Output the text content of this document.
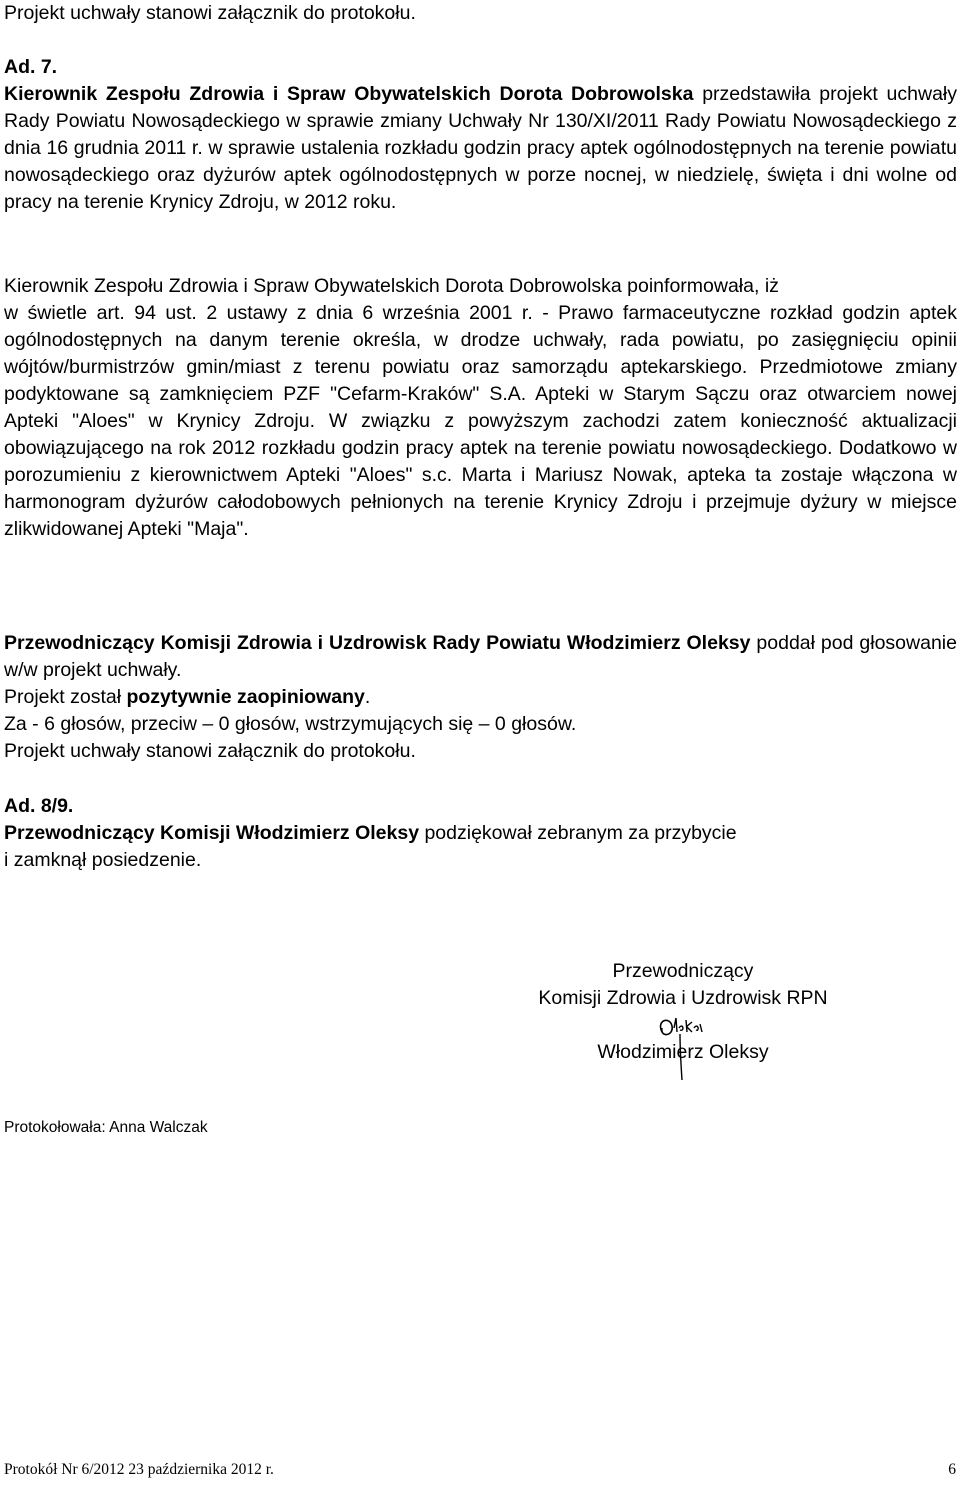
Projekt uchwały stanowi załącznik do protokołu.

Ad. 7.

Kierownik Zespołu Zdrowia i Spraw Obywatelskich Dorota Dobrowolska przedstawiła projekt uchwały Rady Powiatu Nowosądeckiego w sprawie zmiany Uchwały Nr 130/XI/2011 Rady Powiatu Nowosądeckiego z dnia 16 grudnia 2011 r. w sprawie ustalenia rozkładu godzin pracy aptek ogólnodostępnych na terenie powiatu nowosądeckiego oraz dyżurów aptek ogólnodostępnych w porze nocnej, w niedzielę, święta i dni wolne od pracy na terenie Krynicy Zdroju, w 2012 roku.

Kierownik Zespołu Zdrowia i Spraw Obywatelskich Dorota Dobrowolska poinformowała, iż

w świetle art. 94 ust. 2 ustawy z dnia 6 września 2001 r. - Prawo farmaceutyczne rozkład godzin aptek ogólnodostępnych na danym terenie określa, w drodze uchwały, rada powiatu, po zasięgnięciu opinii wójtów/burmistrzów gmin/miast z terenu powiatu oraz samorządu aptekarskiego. Przedmiotowe zmiany podyktowane są zamknięciem PZF "Cefarm-Kraków" S.A. Apteki w Starym Sączu oraz otwarciem nowej Apteki "Aloes" w Krynicy Zdroju. W związku z powyższym zachodzi zatem konieczność aktualizacji obowiązującego na rok 2012 rozkładu godzin pracy aptek na terenie powiatu nowosądeckiego. Dodatkowo w porozumieniu z kierownictwem Apteki "Aloes" s.c. Marta i Mariusz Nowak, apteka ta zostaje włączona w harmonogram dyżurów całodobowych pełnionych na terenie Krynicy Zdroju i przejmuje dyżury w miejsce zlikwidowanej Apteki "Maja".

Przewodniczący Komisji Zdrowia i Uzdrowisk Rady Powiatu Włodzimierz Oleksy poddał pod głosowanie w/w projekt uchwały.

Projekt został pozytywnie zaopiniowany.

Za - 6 głosów, przeciw – 0 głosów, wstrzymujących się – 0 głosów.

Projekt uchwały stanowi załącznik do protokołu.

Ad. 8/9.

Przewodniczący Komisji Włodzimierz Oleksy podziękował zebranym za przybycie

i zamknął posiedzenie.

Przewodniczący
Komisji Zdrowia i Uzdrowisk RPN
Włodzimierz Oleksy
Protokołowała: Anna Walczak
Protokół Nr 6/2012 23 października 2012 r.	6
